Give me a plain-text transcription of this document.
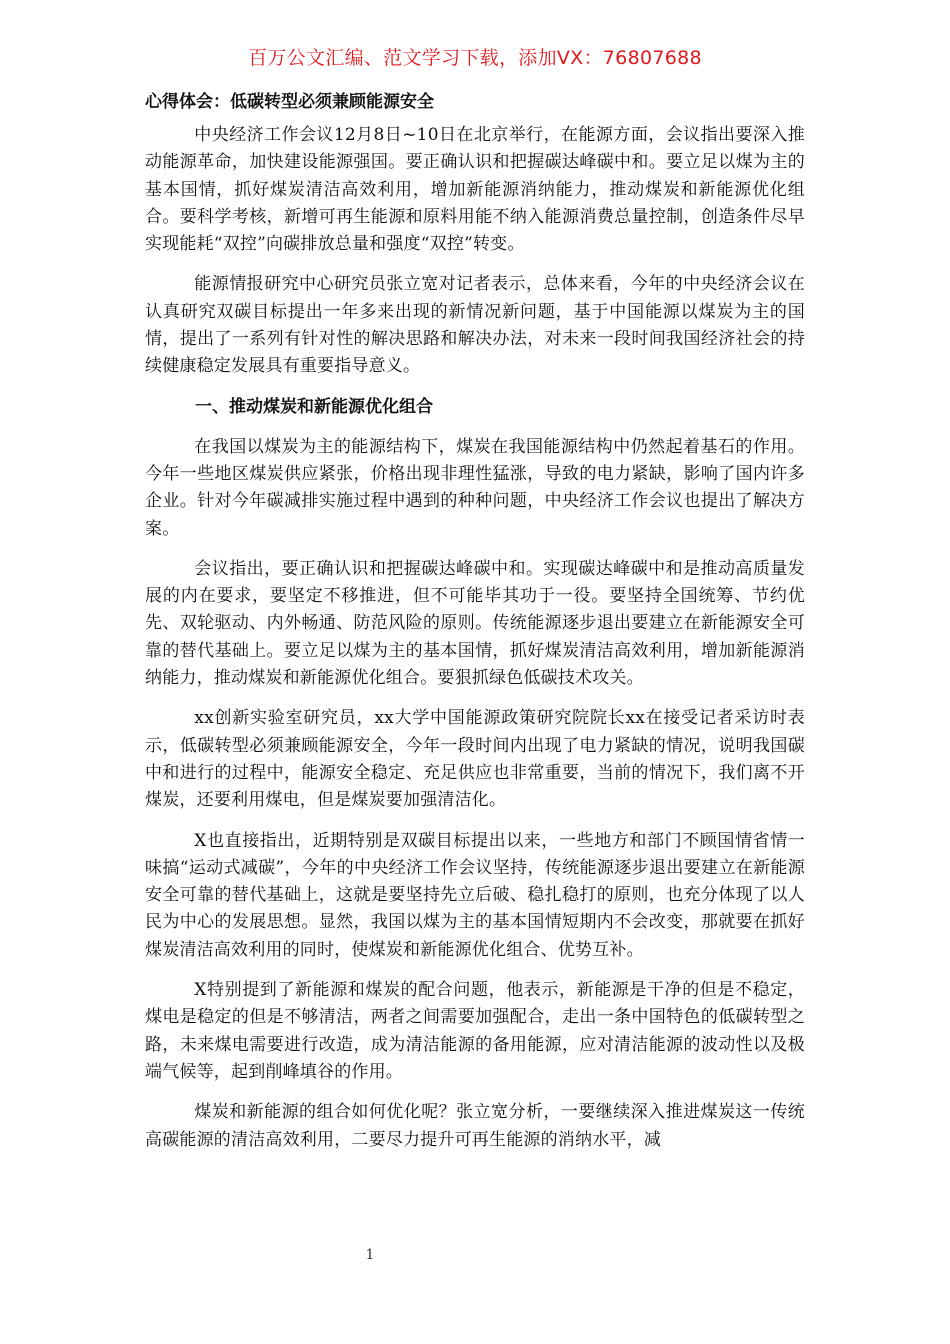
百万公文汇编、范文学习下载，添加VX：76807688
心得体会：低碳转型必须兼顾能源安全

中央经济工作会议12月8日~10日在北京举行，在能源方面，会议指出要深入推动能源革命，加快建设能源强国。要正确认识和把握碳达峰碳中和。要立足以煤为主的基本国情，抓好煤炭清洁高效利用，增加新能源消纳能力，推动煤炭和新能源优化组合。要科学考核，新增可再生能源和原料用能不纳入能源消费总量控制，创造条件尽早实现能耗“双控”向碳排放总量和强度“双控”转变。

能源情报研究中心研究员张立宽对记者表示，总体来看，今年的中央经济会议在认真研究双碳目标提出一年多来出现的新情况新问题，基于中国能源以煤炭为主的国情，提出了一系列有针对性的解决思路和解决办法，对未来一段时间我国经济社会的持续健康稳定发展具有重要指导意义。

一、推动煤炭和新能源优化组合

在我国以煤炭为主的能源结构下，煤炭在我国能源结构中仍然起着基石的作用。今年一些地区煤炭供应紧张，价格出现非理性猛涨，导致的电力紧缺，影响了国内许多企业。针对今年碳减排实施过程中遇到的种种问题，中央经济工作会议也提出了解决方案。

会议指出，要正确认识和把握碳达峰碳中和。实现碳达峰碳中和是推动高质量发展的内在要求，要坚定不移推进，但不可能毕其功于一役。要坚持全国统筹、节约优先、双轮驱动、内外畅通、防范风险的原则。传统能源逐步退出要建立在新能源安全可靠的替代基础上。要立足以煤为主的基本国情，抓好煤炭清洁高效利用，增加新能源消纳能力，推动煤炭和新能源优化组合。要狠抓绿色低碳技术攻关。

xx创新实验室研究员，xx大学中国能源政策研究院院长xx在接受记者采访时表示，低碳转型必须兼顾能源安全，今年一段时间内出现了电力紧缺的情况，说明我国碳中和进行的过程中，能源安全稳定、充足供应也非常重要，当前的情况下，我们离不开煤炭，还要利用煤电，但是煤炭要加强清洁化。

X也直接指出，近期特别是双碳目标提出以来，一些地方和部门不顾国情省情一味搞“运动式减碳”，今年的中央经济工作会议坚持，传统能源逐步退出要建立在新能源安全可靠的替代基础上，这就是要坚持先立后破、稳扎稳打的原则，也充分体现了以人民为中心的发展思想。显然，我国以煤为主的基本国情短期内不会改变，那就要在抓好煤炭清洁高效利用的同时，使煤炭和新能源优化组合、优势互补。

X特别提到了新能源和煤炭的配合问题，他表示，新能源是干净的但是不稳定，煤电是稳定的但是不够清洁，两者之间需要加强配合，走出一条中国特色的低碳转型之路，未来煤电需要进行改造，成为清洁能源的备用能源，应对清洁能源的波动性以及极端气候等，起到削峰填谷的作用。

煤炭和新能源的组合如何优化呢？张立宽分析，一要继续深入推进煤炭这一传统高碳能源的清洁高效利用，二要尽力提升可再生能源的消纳水平，减

1
